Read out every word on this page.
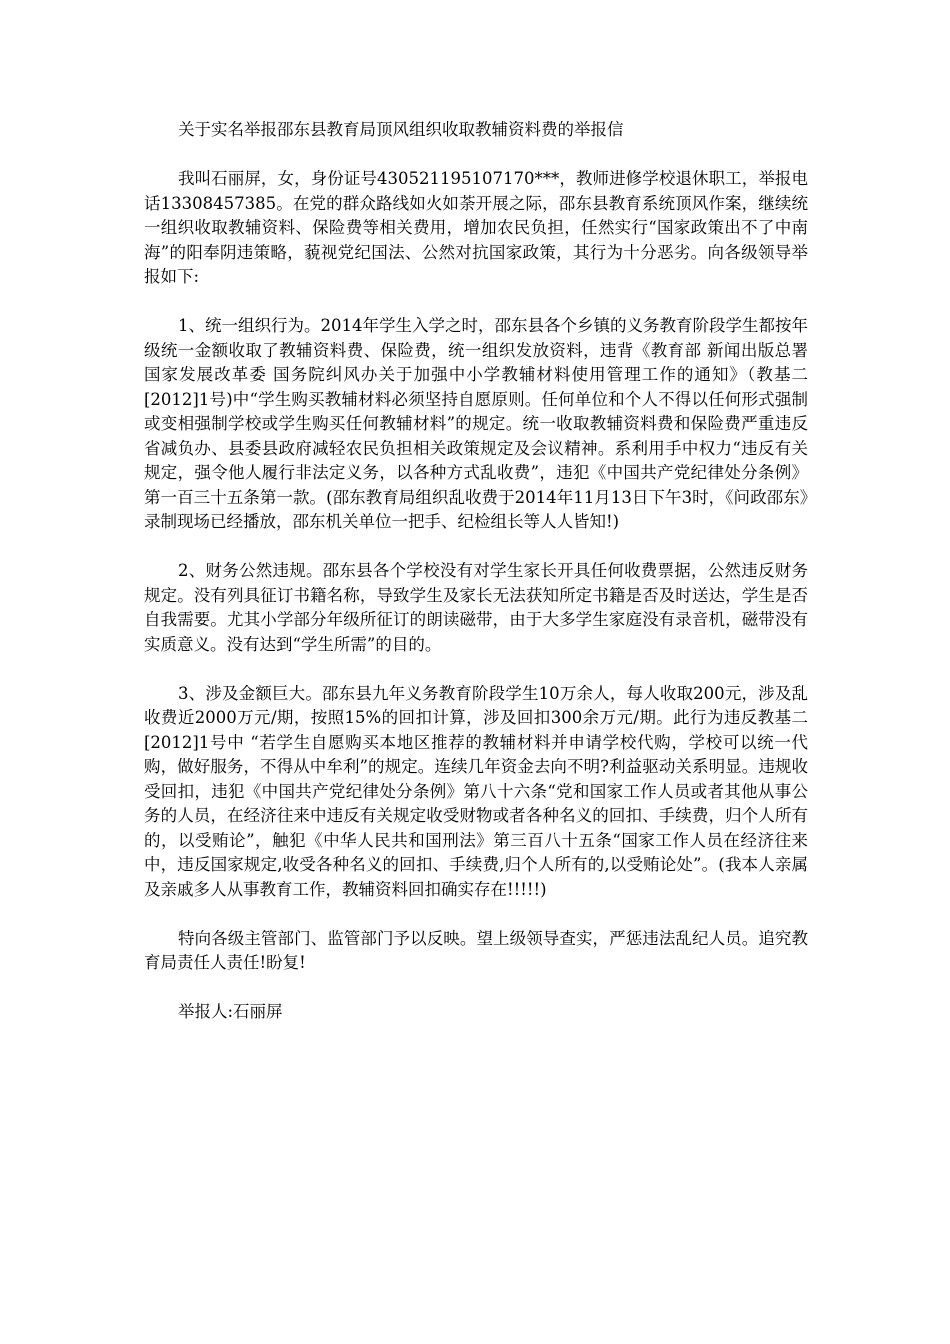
关于实名举报邵东县教育局顶风组织收取教辅资料费的举报信

我叫石丽屏，女，身份证号430521195107170***，教师进修学校退休职工，举报电话13308457385。在党的群众路线如火如荼开展之际，邵东县教育系统顶风作案，继续统一组织收取教辅资料、保险费等相关费用，增加农民负担，任然实行“国家政策出不了中南海”的阳奉阴违策略，藐视党纪国法、公然对抗国家政策，其行为十分恶劣。向各级领导举报如下:

1、统一组织行为。2014年学生入学之时，邵东县各个乡镇的义务教育阶段学生都按年级统一金额收取了教辅资料费、保险费，统一组织发放资料，违背《教育部 新闻出版总署 国家发展改革委 国务院纠风办关于加强中小学教辅材料使用管理工作的通知》（教基二[2012]1号)中“学生购买教辅材料必须坚持自愿原则。任何单位和个人不得以任何形式强制或变相强制学校或学生购买任何教辅材料”的规定。统一收取教辅资料费和保险费严重违反省减负办、县委县政府减轻农民负担相关政策规定及会议精神。系利用手中权力“违反有关规定，强令他人履行非法定义务，以各种方式乱收费”，违犯《中国共产党纪律处分条例》第一百三十五条第一款。(邵东教育局组织乱收费于2014年11月13日下午3时，《问政邵东》录制现场已经播放，邵东机关单位一把手、纪检组长等人人皆知!)

2、财务公然违规。邵东县各个学校没有对学生家长开具任何收费票据，公然违反财务规定。没有列具征订书籍名称，导致学生及家长无法获知所定书籍是否及时送达，学生是否自我需要。尤其小学部分年级所征订的朗读磁带，由于大多学生家庭没有录音机，磁带没有实质意义。没有达到“学生所需”的目的。

3、涉及金额巨大。邵东县九年义务教育阶段学生10万余人，每人收取200元，涉及乱收费近2000万元/期，按照15%的回扣计算，涉及回扣300余万元/期。此行为违反教基二[2012]1号中 “若学生自愿购买本地区推荐的教辅材料并申请学校代购，学校可以统一代购，做好服务，不得从中牟利”的规定。连续几年资金去向不明?利益驱动关系明显。违规收受回扣，违犯《中国共产党纪律处分条例》第八十六条“党和国家工作人员或者其他从事公务的人员，在经济往来中违反有关规定收受财物或者各种名义的回扣、手续费，归个人所有的，以受贿论”，触犯《中华人民共和国刑法》第三百八十五条“国家工作人员在经济往来中，违反国家规定,收受各种名义的回扣、手续费,归个人所有的,以受贿论处”。(我本人亲属及亲戚多人从事教育工作，教辅资料回扣确实存在!!!!!)

特向各级主管部门、监管部门予以反映。望上级领导查实，严惩违法乱纪人员。追究教育局责任人责任!盼复!

举报人:石丽屏
